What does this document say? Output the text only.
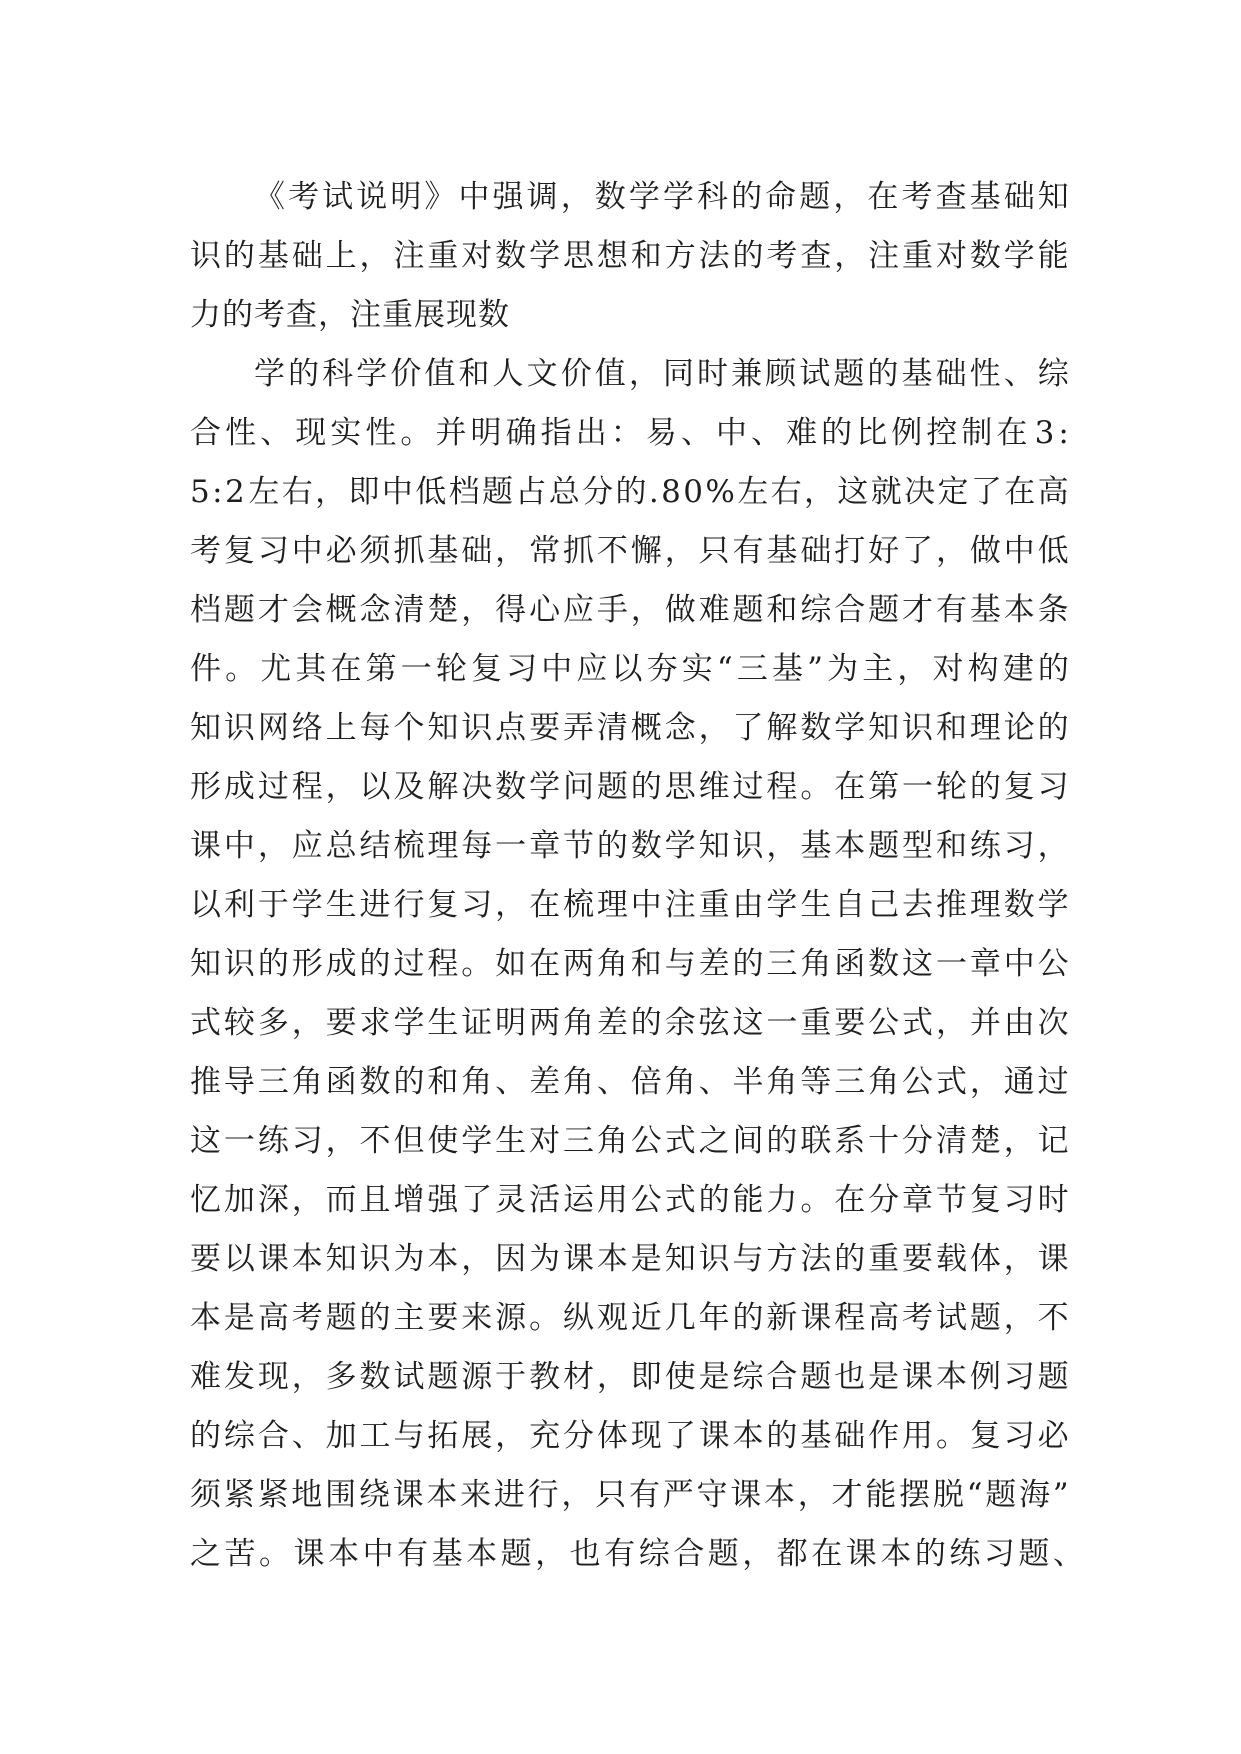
《 考 试 说 明 》 中 强 调 ， 数 学 学 科 的 命 题 ， 在 考 查 基 础 知
识 的 基 础 上 ， 注 重 对 数 学 思 想 和 方 法 的 考 查 ， 注 重 对 数 学 能
力的考查，注重展现数
学 的 科 学 价 值 和 人 文 价 值 ， 同 时 兼 顾 试 题 的 基 础 性 、 综
合 性 、 现 实 性 。 并 明 确 指 出 ： 易 、 中 、 难 的 比 例 控 制 在 3 :
5 : 2 左 右 ， 即 中 低 档 题 占 总 分 的 . 8 0 % 左 右 ， 这 就 决 定 了 在 高
考 复 习 中 必 须 抓 基 础 ， 常 抓 不 懈 ， 只 有 基 础 打 好 了 ， 做 中 低
档 题 才 会 概 念 清 楚 ， 得 心 应 手 ， 做 难 题 和 综 合 题 才 有 基 本 条
件 。 尤 其 在 第 一 轮 复 习 中 应 以 夯 实 “ 三 基 ” 为 主 ， 对 构 建 的
知 识 网 络 上 每 个 知 识 点 要 弄 清 概 念 ， 了 解 数 学 知 识 和 理 论 的
形 成 过 程 ， 以 及 解 决 数 学 问 题 的 思 维 过 程 。 在 第 一 轮 的 复 习
课 中 ， 应 总 结 梳 理 每 一 章 节 的 数 学 知 识 ， 基 本 题 型 和 练 习 ，
以 利 于 学 生 进 行 复 习 ， 在 梳 理 中 注 重 由 学 生 自 己 去 推 理 数 学
知 识 的 形 成 的 过 程 。 如 在 两 角 和 与 差 的 三 角 函 数 这 一 章 中 公
式 较 多 ， 要 求 学 生 证 明 两 角 差 的 余 弦 这 一 重 要 公 式 ， 并 由 次
推 导 三 角 函 数 的 和 角 、 差 角 、 倍 角 、 半 角 等 三 角 公 式 ， 通 过
这 一 练 习 ， 不 但 使 学 生 对 三 角 公 式 之 间 的 联 系 十 分 清 楚 ， 记
忆 加 深 ， 而 且 增 强 了 灵 活 运 用 公 式 的 能 力 。 在 分 章 节 复 习 时
要 以 课 本 知 识 为 本 ， 因 为 课 本 是 知 识 与 方 法 的 重 要 载 体 ， 课
本 是 高 考 题 的 主 要 来 源 。 纵 观 近 几 年 的 新 课 程 高 考 试 题 ， 不
难 发 现 ， 多 数 试 题 源 于 教 材 ， 即 使 是 综 合 题 也 是 课 本 例 习 题
的 综 合 、 加 工 与 拓 展 ， 充 分 体 现 了 课 本 的 基 础 作 用 。 复 习 必
须 紧 紧 地 围 绕 课 本 来 进 行 ， 只 有 严 守 课 本 ， 才 能 摆 脱 “ 题 海 ”
之 苦 。 课 本 中 有 基 本 题 ， 也 有 综 合 题 ， 都 在 课 本 的 练 习 题 、
